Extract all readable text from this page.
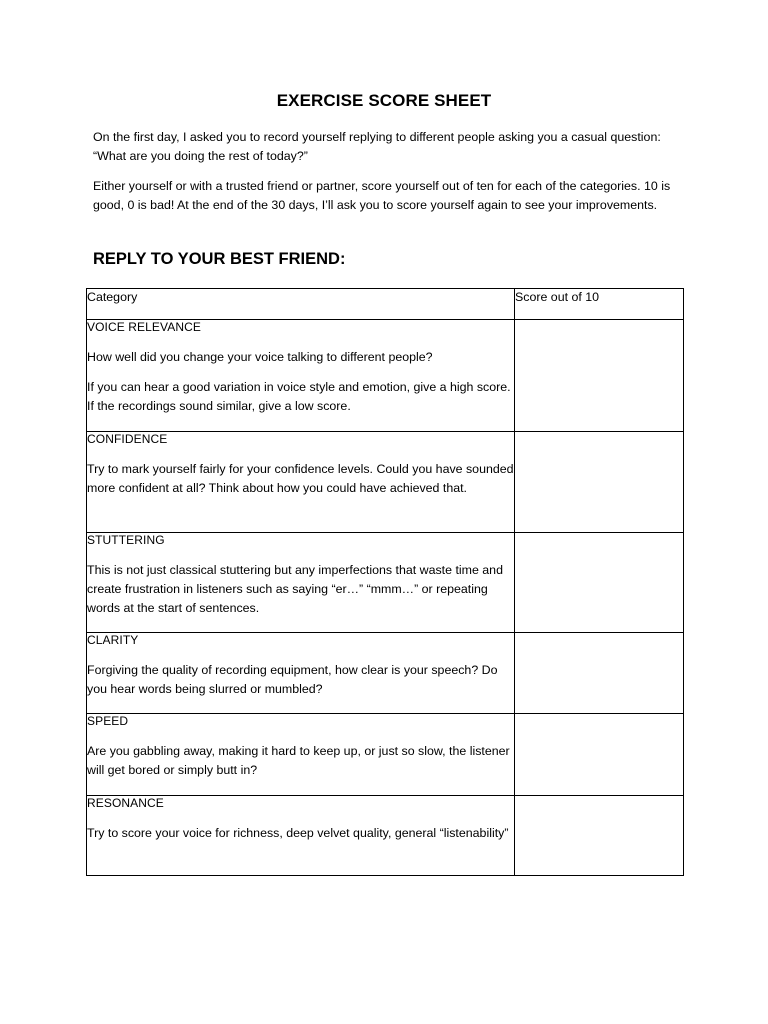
EXERCISE SCORE SHEET
On the first day, I asked you to record yourself replying to different people asking you a casual question: “What are you doing the rest of today?”
Either yourself or with a trusted friend or partner, score yourself out of ten for each of the categories. 10 is good, 0 is bad! At the end of the 30 days, I’ll ask you to score yourself again to see your improvements.
REPLY TO YOUR BEST FRIEND:
Category	Score out of 10

VOICE RELEVANCE

How well did you change your voice talking to different people?

If you can hear a good variation in voice style and emotion, give a high score. If the recordings sound similar, give a low score.	

CONFIDENCE

Try to mark yourself fairly for your confidence levels. Could you have sounded more confident at all? Think about how you could have achieved that.	

STUTTERING

This is not just classical stuttering but any imperfections that waste time and create frustration in listeners such as saying “er…” “mmm…” or repeating words at the start of sentences.	

CLARITY

Forgiving the quality of recording equipment, how clear is your speech? Do you hear words being slurred or mumbled?	

SPEED

Are you gabbling away, making it hard to keep up, or just so slow, the listener will get bored or simply butt in?	

RESONANCE

Try to score your voice for richness, deep velvet quality, general “listenability”	
